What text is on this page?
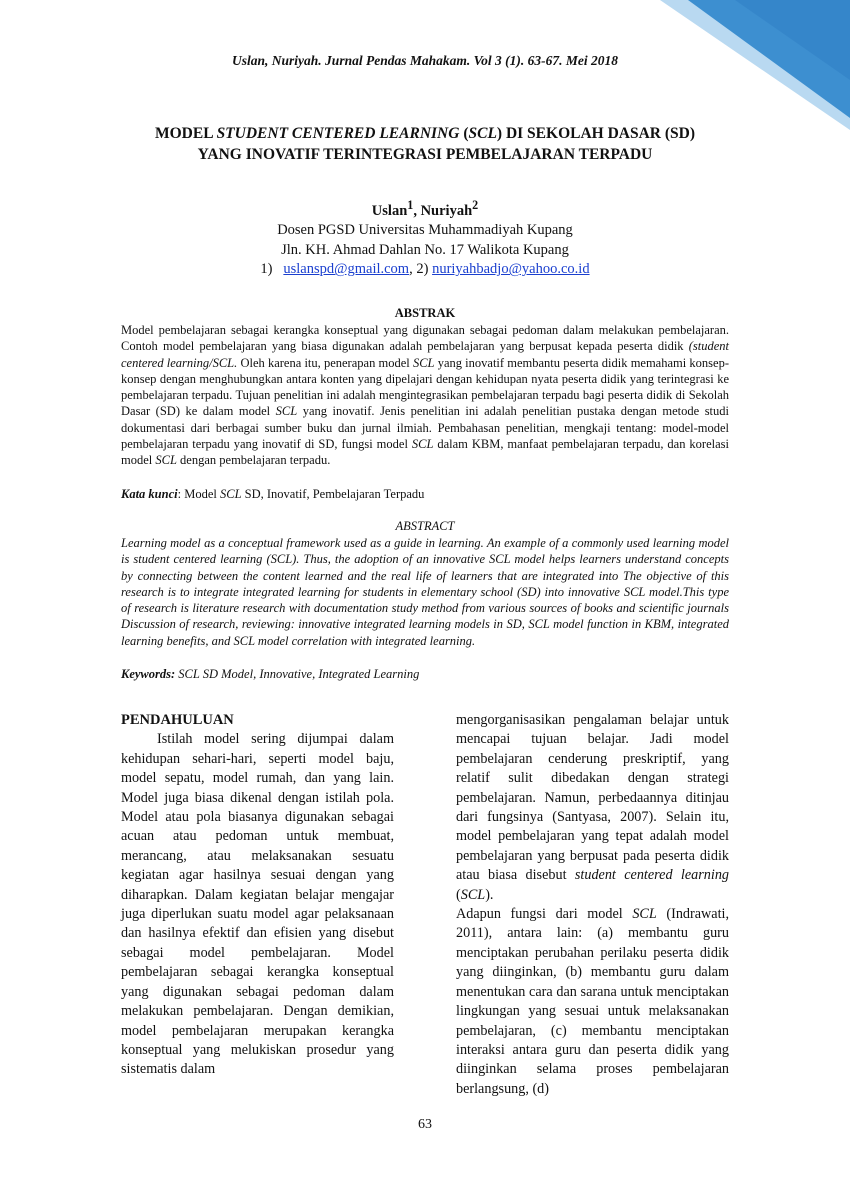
Uslan, Nuriyah. Jurnal Pendas Mahakam. Vol 3 (1). 63-67. Mei 2018
MODEL STUDENT CENTERED LEARNING (SCL) DI SEKOLAH DASAR (SD)
YANG INOVATIF TERINTEGRASI PEMBELAJARAN TERPADU
Uslan$^1$, Nuriyah$^2$
Dosen PGSD Universitas Muhammadiyah Kupang
Jln. KH. Ahmad Dahlan No. 17 Walikota Kupang
1)   uslanspd@gmail.com, 2) nuriyahbadjo@yahoo.co.id
ABSTRAK
Model pembelajaran sebagai kerangka konseptual yang digunakan sebagai pedoman dalam melakukan pembelajaran. Contoh model pembelajaran yang biasa digunakan adalah pembelajaran yang berpusat kepada peserta didik (student centered learning/SCL. Oleh karena itu, penerapan model SCL yang inovatif membantu peserta didik memahami konsep-konsep dengan menghubungkan antara konten yang dipelajari dengan kehidupan nyata peserta didik yang terintegrasi ke pembelajaran terpadu. Tujuan penelitian ini adalah mengintegrasikan pembelajaran terpadu bagi peserta didik di Sekolah Dasar (SD) ke dalam model SCL yang inovatif. Jenis penelitian ini adalah penelitian pustaka dengan metode studi dokumentasi dari berbagai sumber buku dan jurnal ilmiah. Pembahasan penelitian, mengkaji tentang: model-model pembelajaran terpadu yang inovatif di SD, fungsi model SCL dalam KBM, manfaat pembelajaran terpadu, dan korelasi model SCL dengan pembelajaran terpadu.
Kata kunci: Model SCL SD, Inovatif, Pembelajaran Terpadu
ABSTRACT
Learning model as a conceptual framework used as a guide in learning. An example of a commonly used learning model is student centered learning (SCL). Thus, the adoption of an innovative SCL model helps learners understand concepts by connecting between the content learned and the real life of learners that are integrated into The objective of this research is to integrate integrated learning for students in elementary school (SD) into innovative SCL model.This type of research is literature research with documentation study method from various sources of books and scientific journals Discussion of research, reviewing: innovative integrated learning models in SD, SCL model function in KBM, integrated learning benefits, and SCL model correlation with integrated learning.
Keywords: SCL SD Model, Innovative, Integrated Learning

PENDAHULUAN

Istilah model sering dijumpai dalam kehidupan sehari-hari, seperti model baju, model sepatu, model rumah, dan yang lain. Model juga biasa dikenal dengan istilah pola. Model atau pola biasanya digunakan sebagai acuan atau pedoman untuk membuat, merancang, atau melaksanakan sesuatu kegiatan agar hasilnya sesuai dengan yang diharapkan. Dalam kegiatan belajar mengajar juga diperlukan suatu model agar pelaksanaan dan hasilnya efektif dan efisien yang disebut sebagai model pembelajaran. Model pembelajaran sebagai kerangka konseptual yang digunakan sebagai pedoman dalam melakukan pembelajaran. Dengan demikian, model pembelajaran merupakan kerangka konseptual yang melukiskan prosedur yang sistematis dalam

mengorganisasikan pengalaman belajar untuk mencapai tujuan belajar. Jadi model pembelajaran cenderung preskriptif, yang relatif sulit dibedakan dengan strategi pembelajaran. Namun, perbedaannya ditinjau dari fungsinya (Santyasa, 2007). Selain itu, model pembelajaran yang tepat adalah model pembelajaran yang berpusat pada peserta didik atau biasa disebut student centered learning (SCL).

Adapun fungsi dari model SCL (Indrawati, 2011), antara lain: (a) membantu guru menciptakan perubahan perilaku peserta didik yang diinginkan, (b) membantu guru dalam menentukan cara dan sarana untuk menciptakan lingkungan yang sesuai untuk melaksanakan pembelajaran, (c) membantu menciptakan interaksi antara guru dan peserta didik yang diinginkan selama proses pembelajaran berlangsung, (d)

63
